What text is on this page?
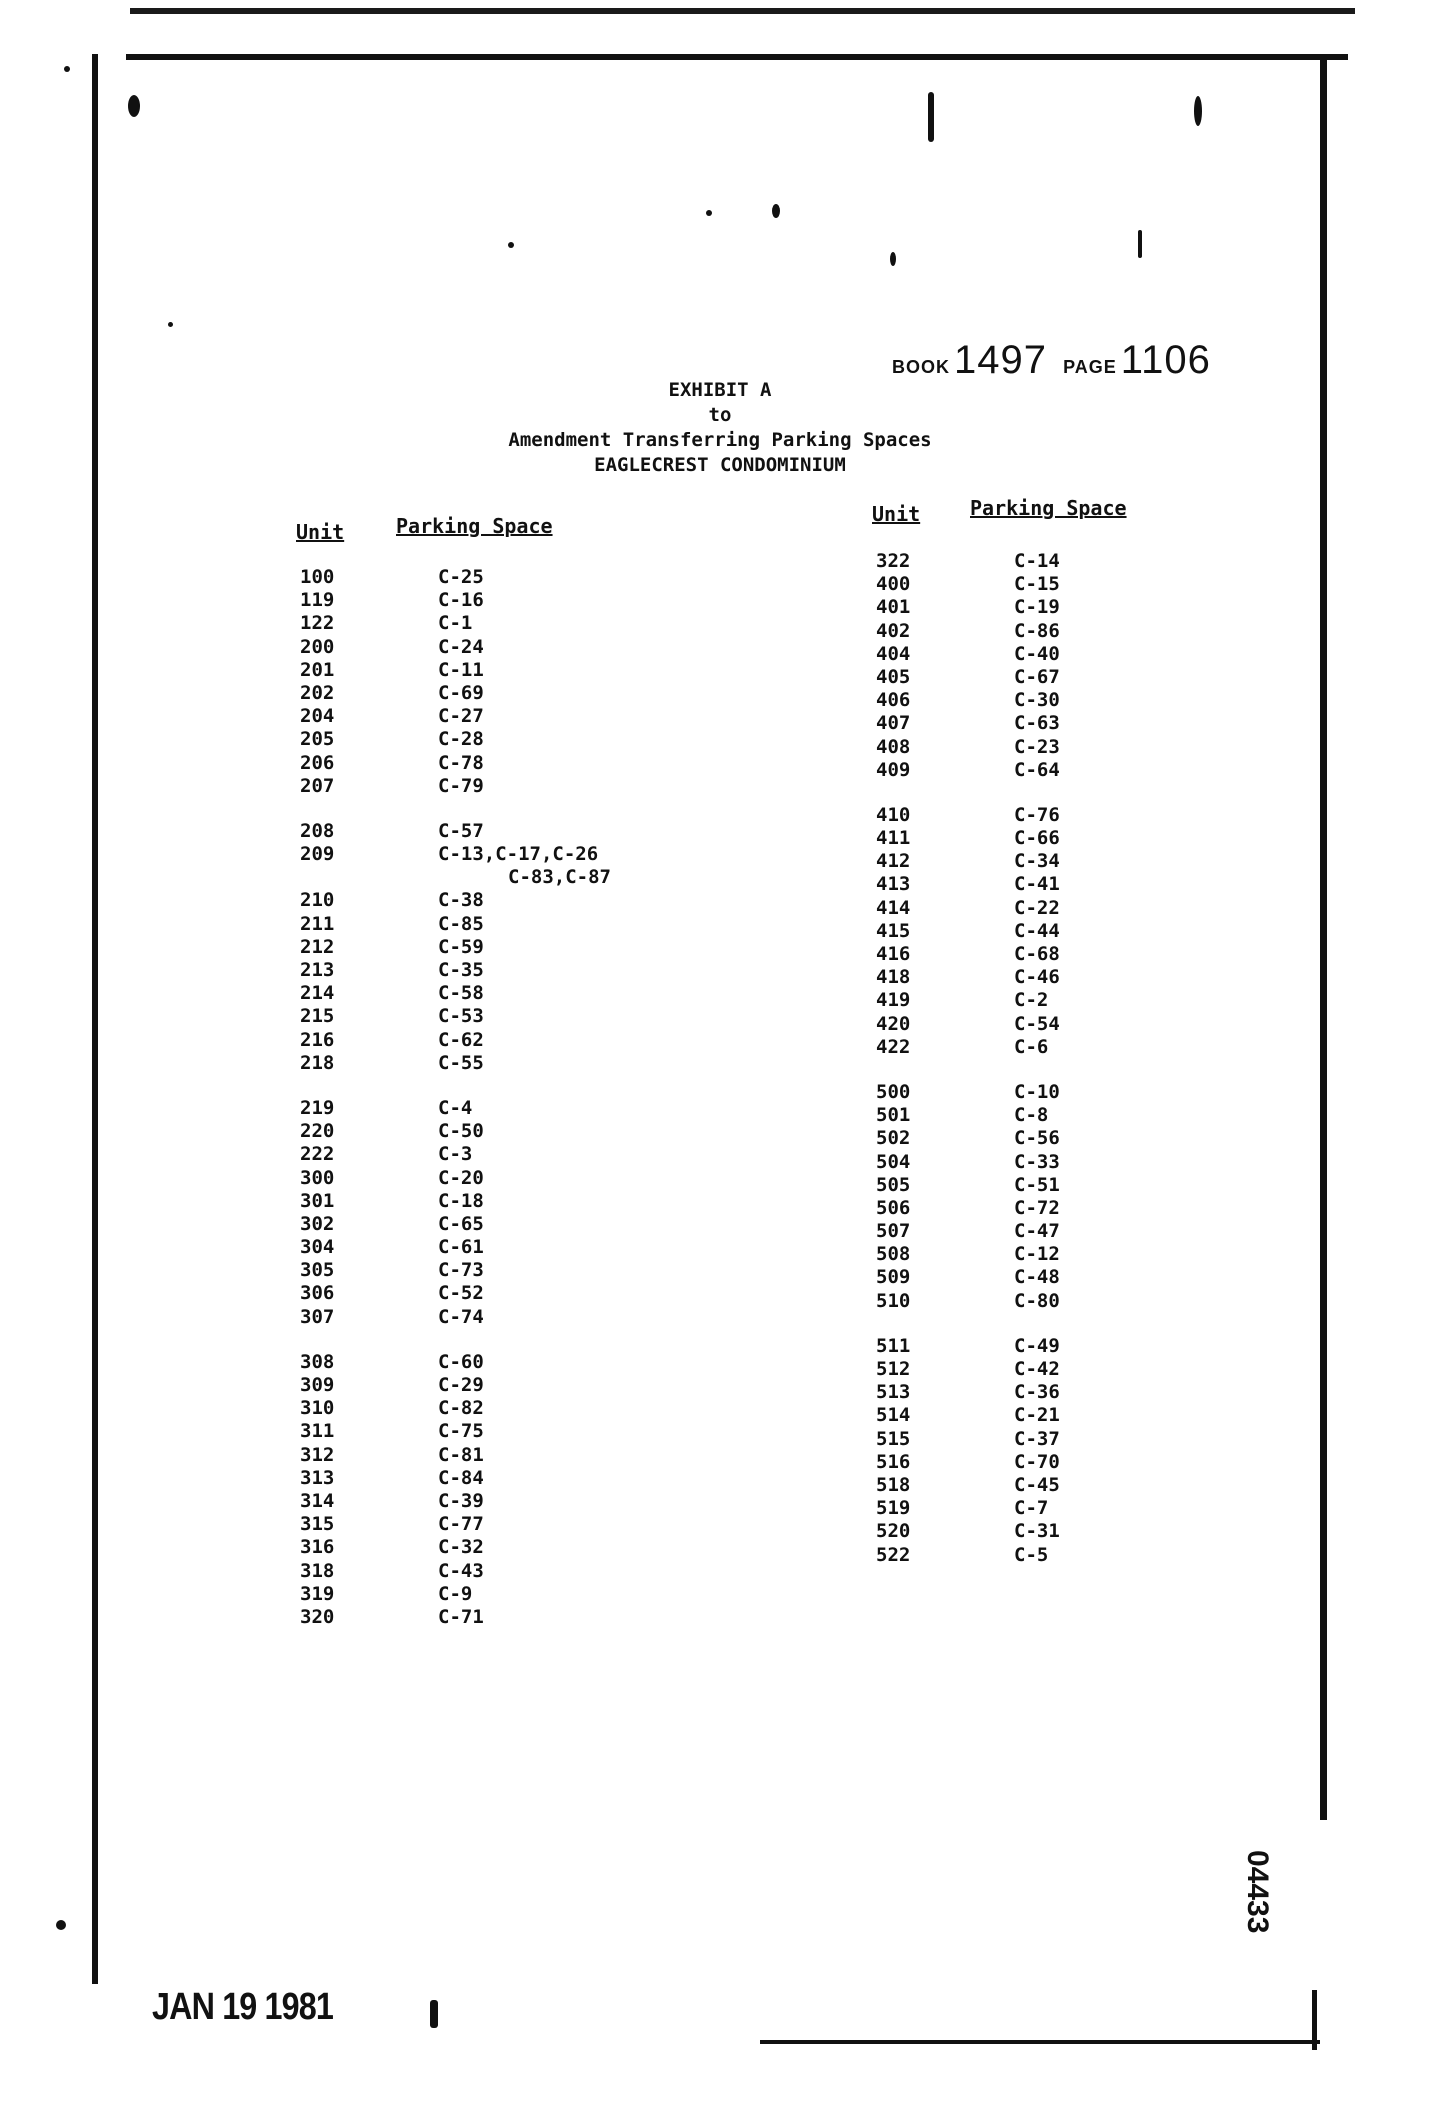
BOOK 1497 PAGE 1106
EXHIBIT A
to
Amendment Transferring Parking Spaces
EAGLECREST CONDOMINIUM
Unit	Parking Space	Unit Parking Space
100	C-25
119	C-16
122	C-1
200	C-24
201	C-11
202	C-69
204	C-27
205	C-28
206	C-78
207	C-79
208	C-57
209	C-13,C-17,C-26
C-83,C-87
210	C-38
211	C-85
212	C-59
213	C-35
214	C-58
215	C-53
216	C-62
218	C-55
219	C-4
220	C-50
222	C-3
300	C-20
301	C-18
302	C-65
304	C-61
305	C-73
306	C-52
307	C-74
308	C-60
309	C-29
310	C-82
311	C-75
312	C-81
313	C-84
314	C-39
315	C-77
316	C-32
318	C-43
319	C-9
320	C-71
322	C-14
400	C-15
401	C-19
402	C-86
404	C-40
405	C-67
406	C-30
407	C-63
408	C-23
409	C-64
410	C-76
411	C-66
412	C-34
413	C-41
414	C-22
415	C-44
416	C-68
418	C-46
419	C-2
420	C-54
422	C-6
500	C-10
501	C-8
502	C-56
504	C-33
505	C-51
506	C-72
507	C-47
508	C-12
509	C-48
510	C-80
511	C-49
512	C-42
513	C-36
514	C-21
515	C-37
516	C-70
518	C-45
519	C-7
520	C-31
522	C-5
JAN 19 1981
04433
